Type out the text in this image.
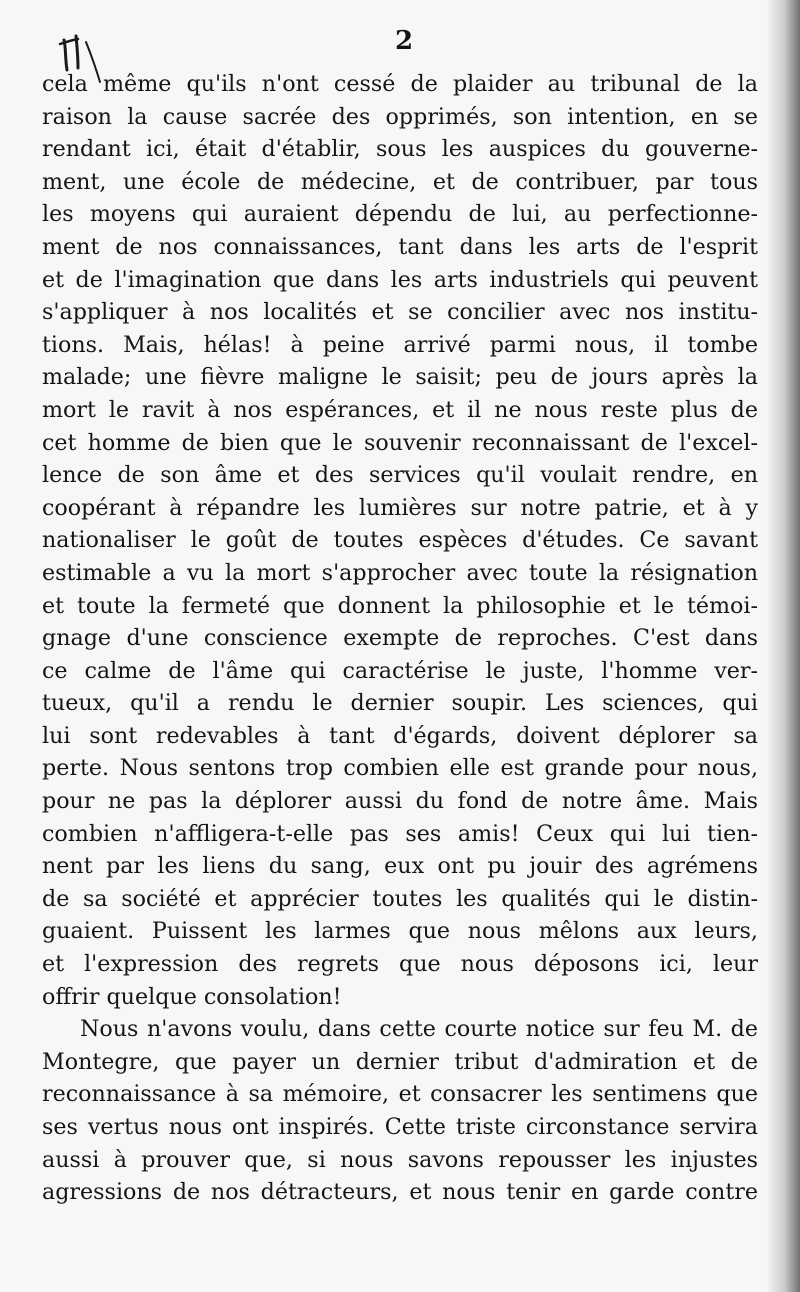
2
cela même qu'ils n'ont cessé de plaider au tribunal de la
raison la cause sacrée des opprimés, son intention, en se
rendant ici, était d'établir, sous les auspices du gouverne-
ment, une école de médecine, et de contribuer, par tous
les moyens qui auraient dépendu de lui, au perfectionne-
ment de nos connaissances, tant dans les arts de l'esprit
et de l'imagination que dans les arts industriels qui peuvent
s'appliquer à nos localités et se concilier avec nos institu-
tions. Mais, hélas! à peine arrivé parmi nous, il tombe
malade; une fièvre maligne le saisit; peu de jours après la
mort le ravit à nos espérances, et il ne nous reste plus de
cet homme de bien que le souvenir reconnaissant de l'excel-
lence de son âme et des services qu'il voulait rendre, en
coopérant à répandre les lumières sur notre patrie, et à y
nationaliser le goût de toutes espèces d'études. Ce savant
estimable a vu la mort s'approcher avec toute la résignation
et toute la fermeté que donnent la philosophie et le témoi-
gnage d'une conscience exempte de reproches. C'est dans
ce calme de l'âme qui caractérise le juste, l'homme ver-
tueux, qu'il a rendu le dernier soupir. Les sciences, qui
lui sont redevables à tant d'égards, doivent déplorer sa
perte. Nous sentons trop combien elle est grande pour nous,
pour ne pas la déplorer aussi du fond de notre âme. Mais
combien n'affligera-t-elle pas ses amis! Ceux qui lui tien-
nent par les liens du sang, eux ont pu jouir des agrémens
de sa société et apprécier toutes les qualités qui le distin-
guaient. Puissent les larmes que nous mêlons aux leurs,
et l'expression des regrets que nous déposons ici, leur
offrir quelque consolation!
Nous n'avons voulu, dans cette courte notice sur feu M. de
Montegre, que payer un dernier tribut d'admiration et de
reconnaissance à sa mémoire, et consacrer les sentimens que
ses vertus nous ont inspirés. Cette triste circonstance servira
aussi à prouver que, si nous savons repousser les injustes
agressions de nos détracteurs, et nous tenir en garde contre
